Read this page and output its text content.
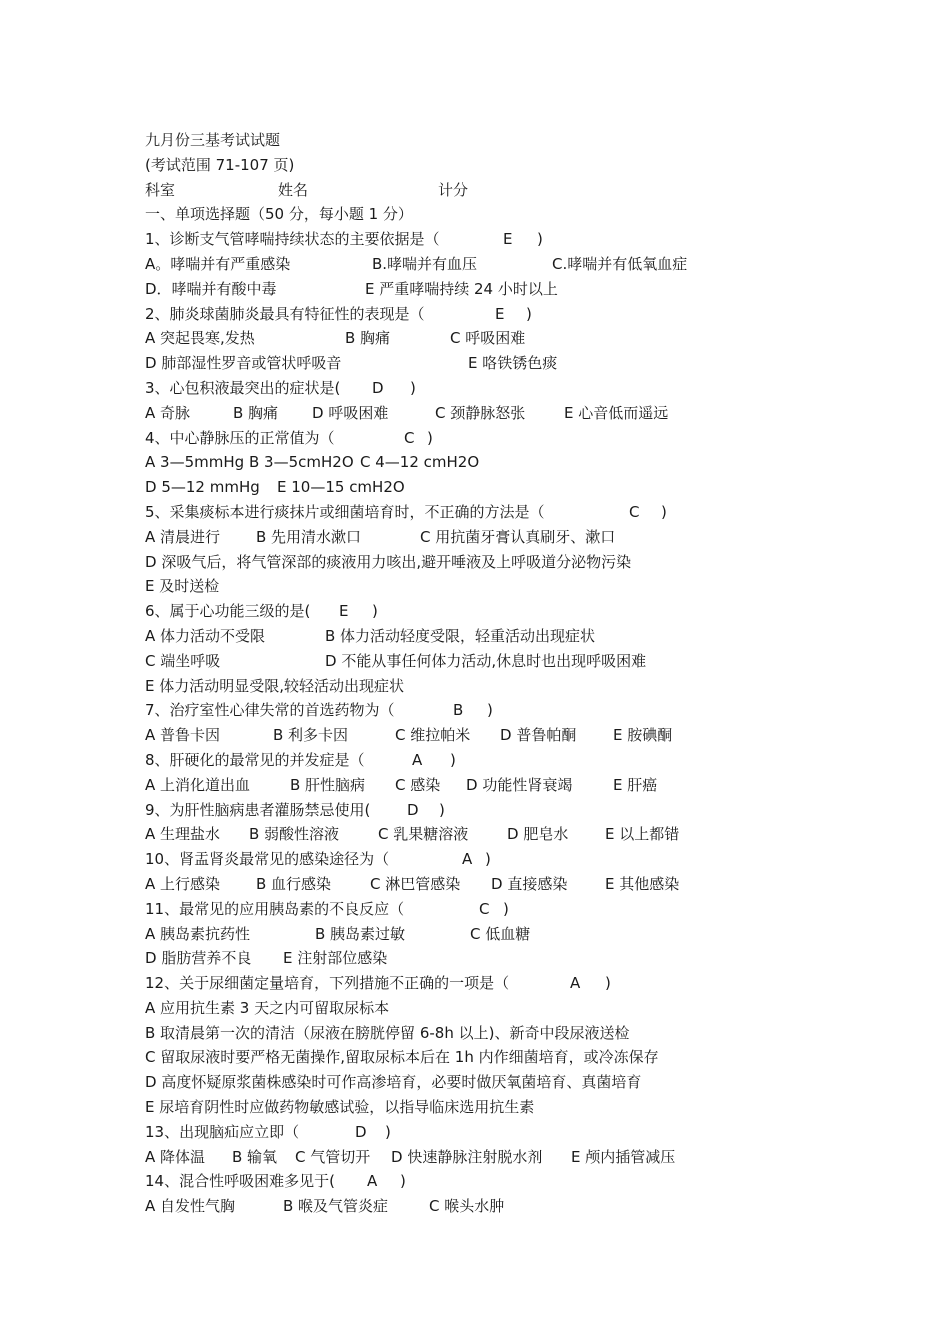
九月份三基考试试题
(考试范围 71-107 页)
科室	姓名	计分
一、单项选择题（50 分，每小题 1 分）
1、诊断支气管哮喘持续状态的主要依据是（	E )
A。哮喘并有严重感染	B.哮喘并有血压	C.哮喘并有低氧血症
D．哮喘并有酸中毒	E 严重哮喘持续 24 小时以上
2、肺炎球菌肺炎最具有特征性的表现是（	E )
A 突起畏寒,发热	B 胸痛	C 呼吸困难
D 肺部湿性罗音或管状呼吸音	E 咯铁锈色痰
3、心包积液最突出的症状是( D )
A 奇脉	B 胸痛 D 呼吸困难	C 颈静脉怒张	E 心音低而遥远
4、中心静脉压的正常值为（	C )
A 3—5mmHg B 3—5cmH2O C 4—12 cmH2O
D 5—12 mmHg E 10—15 cmH2O
5、采集痰标本进行痰抹片或细菌培育时，不正确的方法是（	C )
A 清晨进行 B 先用清水漱口	C 用抗菌牙膏认真刷牙、漱口
D 深吸气后，将气管深部的痰液用力咳出,避开唾液及上呼吸道分泌物污染
E 及时送检
6、属于心功能三级的是( E )
A 体力活动不受限	B 体力活动轻度受限，轻重活动出现症状
C 端坐呼吸	D 不能从事任何体力活动,休息时也出现呼吸困难
E 体力活动明显受限,较轻活动出现症状
7、治疗室性心律失常的首选药物为（	B )
A 普鲁卡因	B 利多卡因	C 维拉帕米 D 普鲁帕酮 E 胺碘酮
8、肝硬化的最常见的并发症是（	A )
A 上消化道出血	B 肝性脑病 C 感染 D 功能性肾衰竭	E 肝癌
9、为肝性脑病患者灌肠禁忌使用( D )
A 生理盐水 B 弱酸性溶液	C 乳果糖溶液	D 肥皂水 E 以上都错
10、肾盂肾炎最常见的感染途径为（	A )
A 上行感染 B 血行感染	C 淋巴管感染 D 直接感染	E 其他感染
11、最常见的应用胰岛素的不良反应（	C )
A 胰岛素抗药性	B 胰岛素过敏	C 低血糖
D 脂肪营养不良 E 注射部位感染
12、关于尿细菌定量培育，下列措施不正确的一项是（	A )
A 应用抗生素 3 天之内可留取尿标本
B 取清晨第一次的清洁（尿液在膀胱停留 6-8h 以上)、新奇中段尿液送检
C 留取尿液时要严格无菌操作,留取尿标本后在 1h 内作细菌培育，或冷冻保存
D 高度怀疑原浆菌株感染时可作高渗培育，必要时做厌氧菌培育、真菌培育
E 尿培育阴性时应做药物敏感试验，以指导临床选用抗生素
13、出现脑疝应立即（	D )
A 降体温 B 输氧 C 气管切开 D 快速静脉注射脱水剂 E 颅内插管减压
14、混合性呼吸困难多见于( A )
A 自发性气胸	B 喉及气管炎症	C 喉头水肿
